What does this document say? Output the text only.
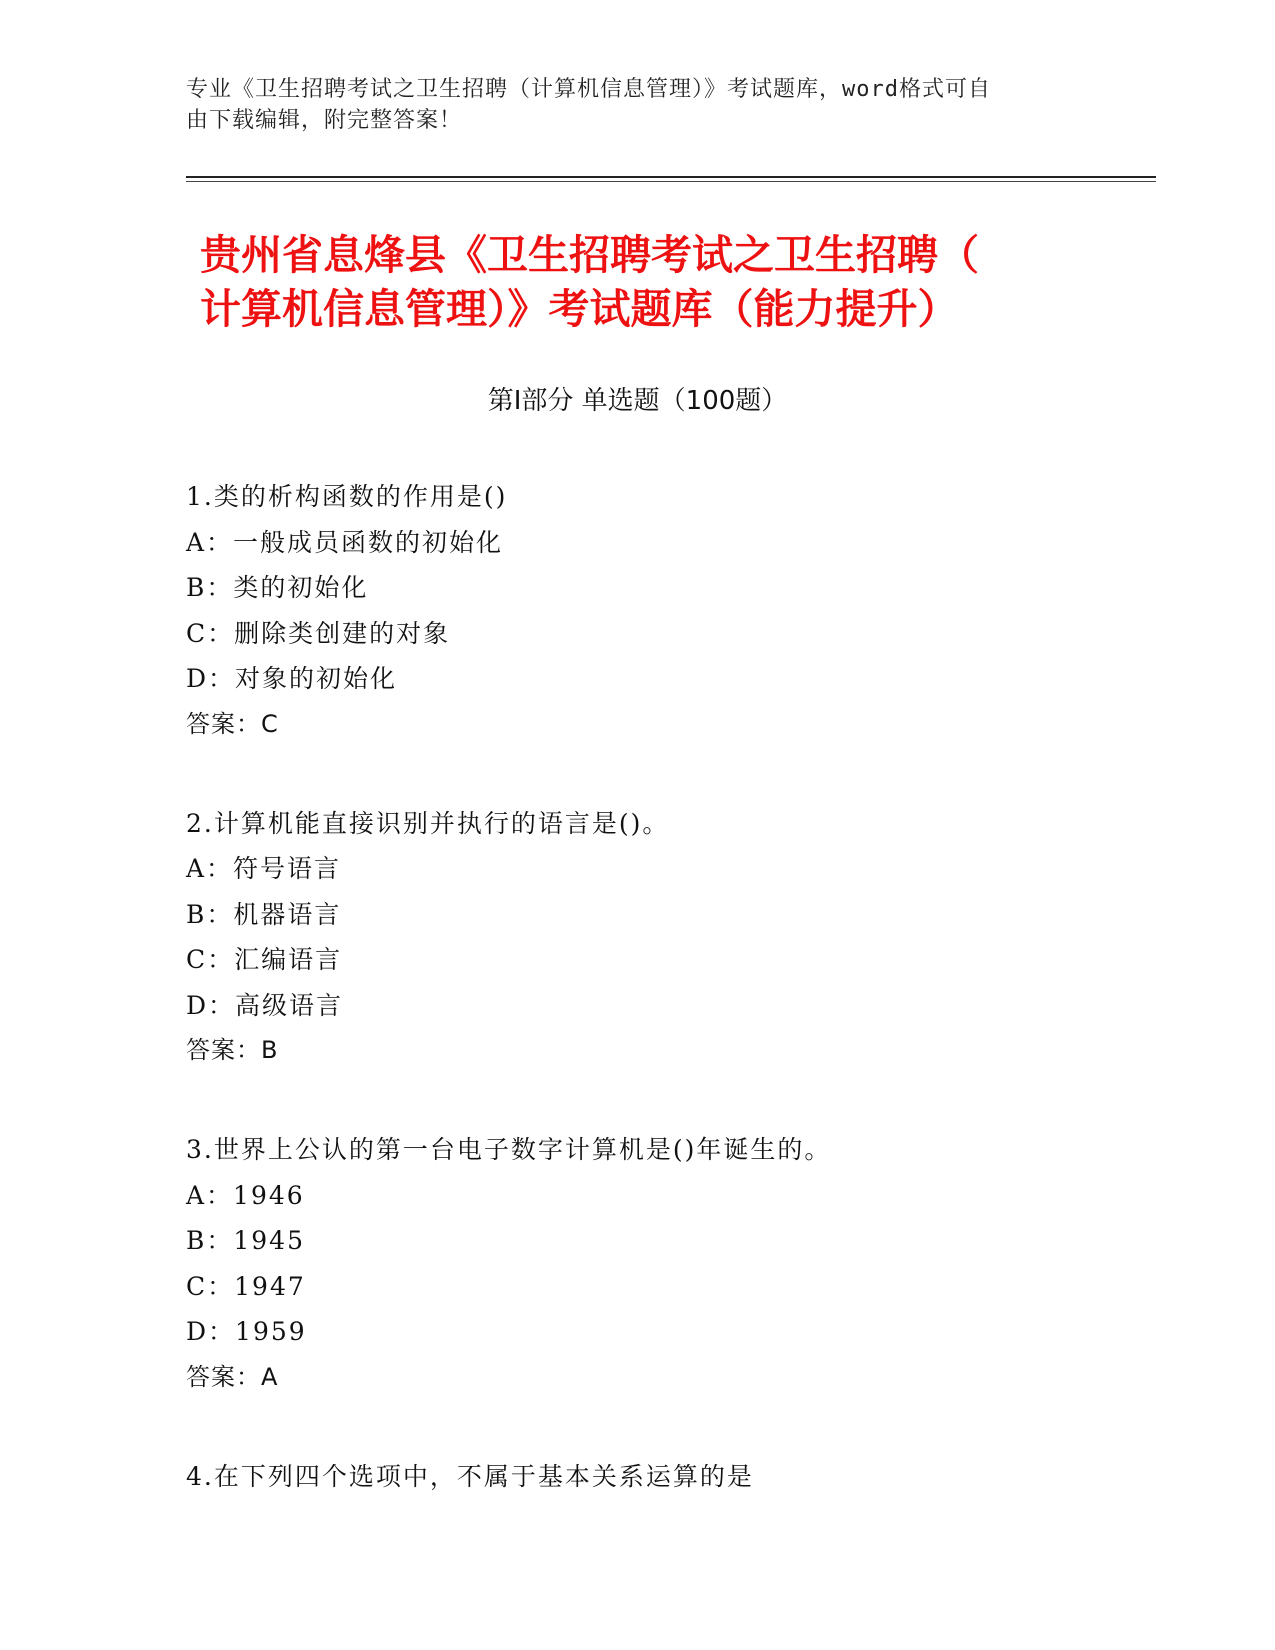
专业《卫生招聘考试之卫生招聘（计算机信息管理）》考试题库，word格式可自
由下载编辑，附完整答案！
贵州省息烽县《卫生招聘考试之卫生招聘（
计算机信息管理）》考试题库（能力提升）
第Ⅰ部分 单选题（100题）
1.类的析构函数的作用是()
A：一般成员函数的初始化
B：类的初始化
C：删除类创建的对象
D：对象的初始化
答案：C
2.计算机能直接识别并执行的语言是()。
A：符号语言
B：机器语言
C：汇编语言
D：高级语言
答案：B
3.世界上公认的第一台电子数字计算机是()年诞生的。
A：1946
B：1945
C：1947
D：1959
答案：A
4.在下列四个选项中，不属于基本关系运算的是
